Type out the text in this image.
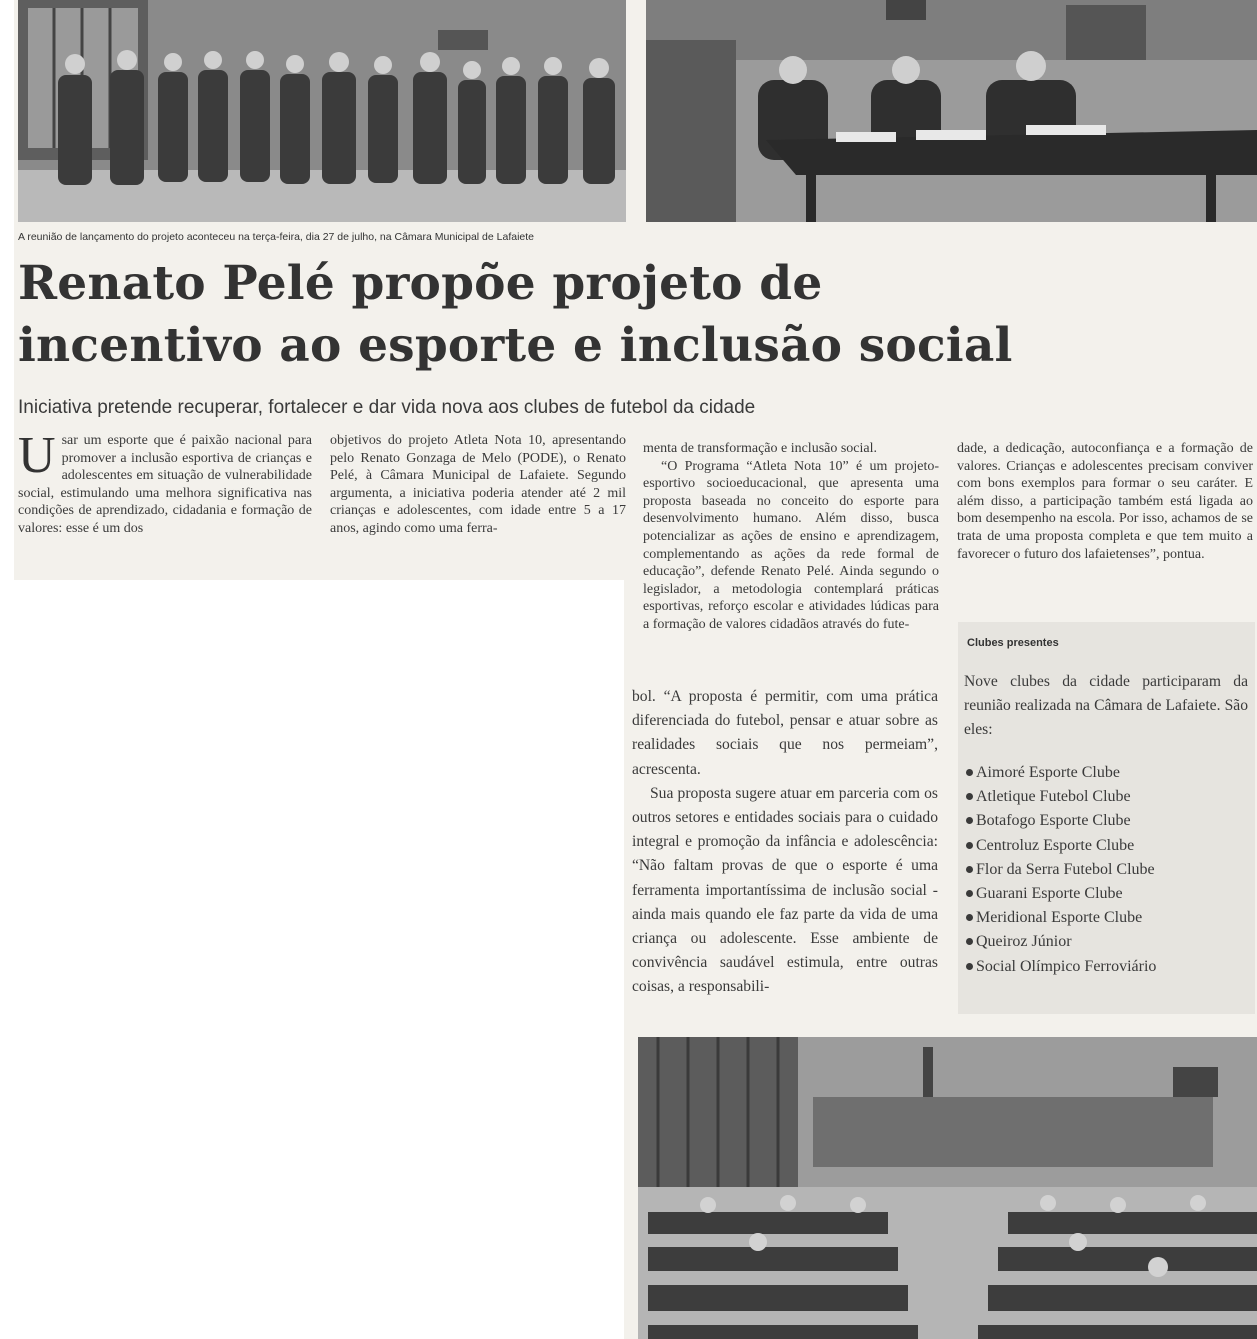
A reunião de lançamento do projeto aconteceu na terça-feira, dia 27 de julho, na Câmara Municipal de Lafaiete
Renato Pelé propõe projeto de
incentivo ao esporte e inclusão social
Iniciativa pretende recuperar, fortalecer e dar vida nova aos clubes de futebol da cidade
U sar um esporte que é paixão nacional para promover a inclusão esportiva de crianças e adolescentes em situação de vulnerabilidade social, estimulando uma melhora significativa nas condições de aprendizado, cidadania e formação de valores: esse é um dos

objetivos do projeto Atleta Nota 10, apresentando pelo Renato Gonzaga de Melo (PODE), o Renato Pelé, à Câmara Municipal de Lafaiete. Segundo argumenta, a iniciativa poderia atender até 2 mil crianças e adolescentes, com idade entre 5 a 17 anos, agindo como uma ferra-

menta de transformação e inclusão social.

“O Programa “Atleta Nota 10” é um projeto- esportivo socioeducacional, que apresenta uma proposta baseada no conceito do esporte para desenvolvimento humano. Além disso, busca potencializar as ações de ensino e aprendizagem, complementando as ações da rede formal de educação”, defende Renato Pelé. Ainda segundo o legislador, a metodologia contemplará práticas esportivas, reforço escolar e atividades lúdicas para a formação de valores cidadãos através do fute-

bol. “A proposta é permitir, com uma prática diferenciada do futebol, pensar e atuar sobre as realidades sociais que nos permeiam”, acrescenta.

Sua proposta sugere atuar em parceria com os outros setores e entidades sociais para o cuidado integral e promoção da infância e adolescência: “Não faltam provas de que o esporte é uma ferramenta importantíssima de inclusão social - ainda mais quando ele faz parte da vida de uma criança ou adolescente. Esse ambiente de convivência saudável estimula, entre outras coisas, a responsabili-

dade, a dedicação, autoconfiança e a formação de valores. Crianças e adolescentes precisam conviver com bons exemplos para formar o seu caráter. E além disso, a participação também está ligada ao bom desempenho na escola. Por isso, achamos de se trata de uma proposta completa e que tem muito a favorecer o futuro dos lafaietenses”, pontua.

Clubes presentes
Nove clubes da cidade participaram da reunião realizada na Câmara de Lafaiete. São eles:
Aimoré Esporte Clube
Atletique Futebol Clube
Botafogo Esporte Clube
Centroluz Esporte Clube
Flor da Serra Futebol Clube
Guarani Esporte Clube
Meridional Esporte Clube
Queiroz Júnior
Social Olímpico Ferroviário
